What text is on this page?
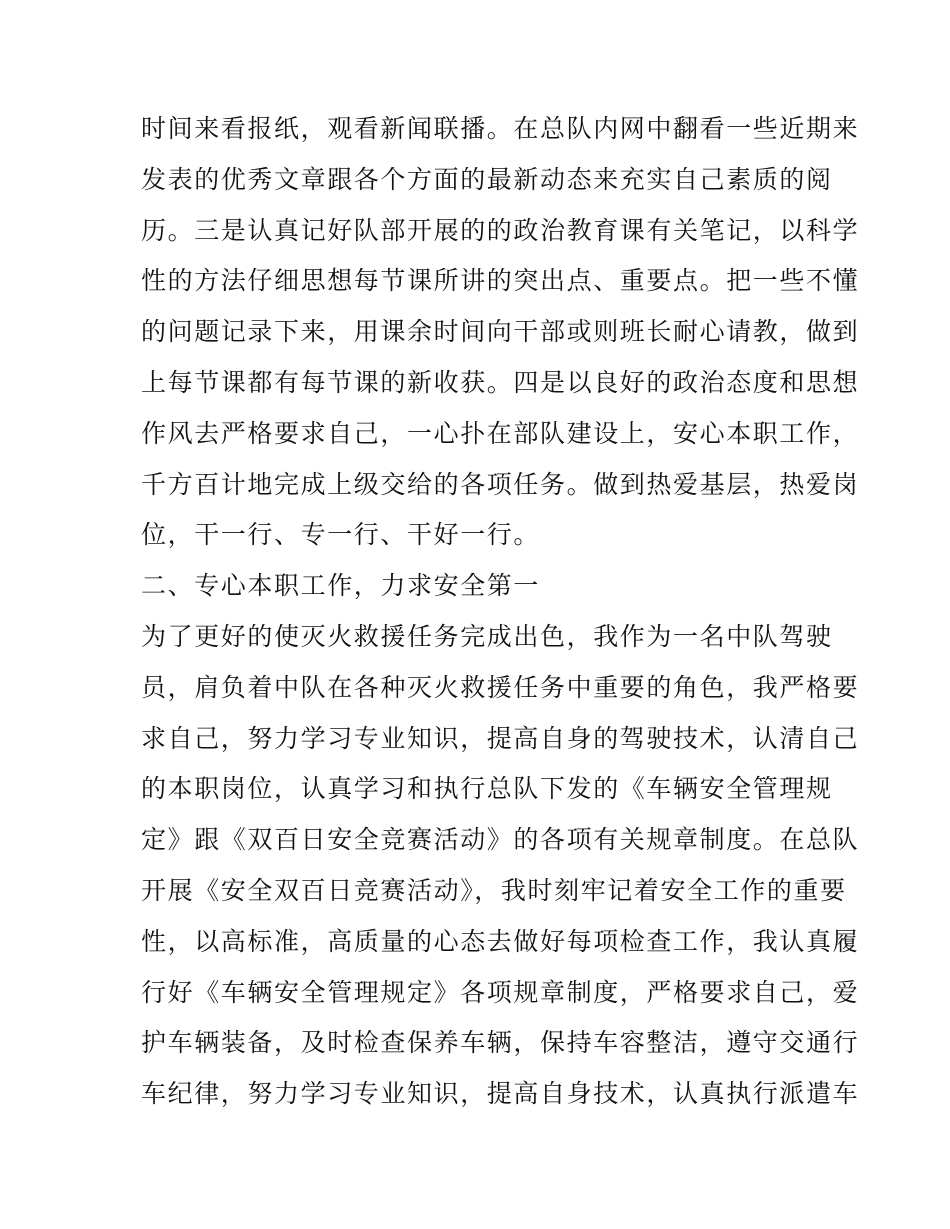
时间来看报纸，观看新闻联播。在总队内网中翻看一些近期来
发表的优秀文章跟各个方面的最新动态来充实自己素质的阅
历。三是认真记好队部开展的的政治教育课有关笔记，以科学
性的方法仔细思想每节课所讲的突出点、重要点。把一些不懂
的问题记录下来，用课余时间向干部或则班长耐心请教，做到
上每节课都有每节课的新收获。四是以良好的政治态度和思想
作风去严格要求自己，一心扑在部队建设上，安心本职工作，
千方百计地完成上级交给的各项任务。做到热爱基层，热爱岗
位，干一行、专一行、干好一行。
二、专心本职工作，力求安全第一
为了更好的使灭火救援任务完成出色，我作为一名中队驾驶
员，肩负着中队在各种灭火救援任务中重要的角色，我严格要
求自己，努力学习专业知识，提高自身的驾驶技术，认清自己
的本职岗位，认真学习和执行总队下发的《车辆安全管理规
定》跟《双百日安全竞赛活动》的各项有关规章制度。在总队
开展《安全双百日竞赛活动》，我时刻牢记着安全工作的重要
性，以高标准，高质量的心态去做好每项检查工作，我认真履
行好《车辆安全管理规定》各项规章制度，严格要求自己，爱
护车辆装备，及时检查保养车辆，保持车容整洁，遵守交通行
车纪律，努力学习专业知识，提高自身技术，认真执行派遣车
